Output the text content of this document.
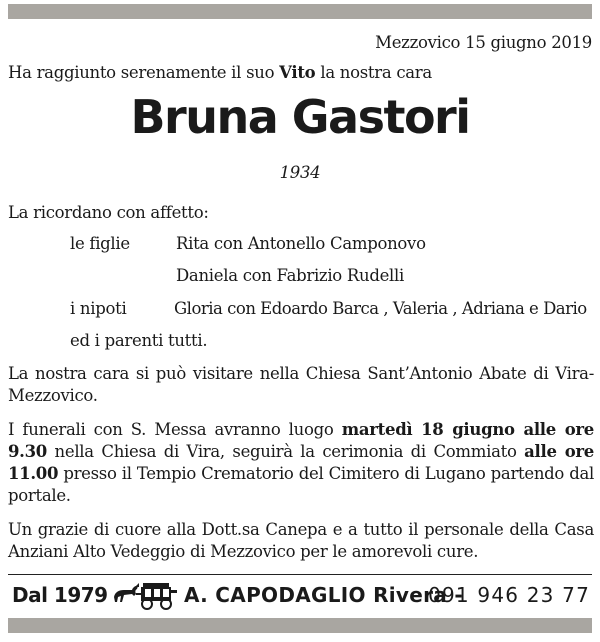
Mezzovico 15 giugno 2019
Ha raggiunto serenamente il suo Vito la nostra cara
Bruna Gastori
1934
La ricordano con affetto:
le figlie	Rita con Antonello Camponovo
Daniela con Fabrizio Rudelli
i nipoti	Gloria con Edoardo Barca , Valeria , Adriana e Dario
ed i parenti tutti.
La nostra cara si può visitare nella Chiesa Sant’Antonio Abate di Vira-Mezzovico.
I funerali con S. Messa avranno luogo martedì 18 giugno alle ore 9.30 nella Chiesa di Vira, seguirà la cerimonia di Commiato alle ore 11.00 presso il Tempio Crematorio del Cimitero di Lugano partendo dal portale.
Un grazie di cuore alla Dott.sa Canepa e a tutto il personale della Casa Anziani Alto Vedeggio di Mezzovico per le amorevoli cure.
Dal 1979	A. CAPODAGLIO Rivera -
091 946 23 77
